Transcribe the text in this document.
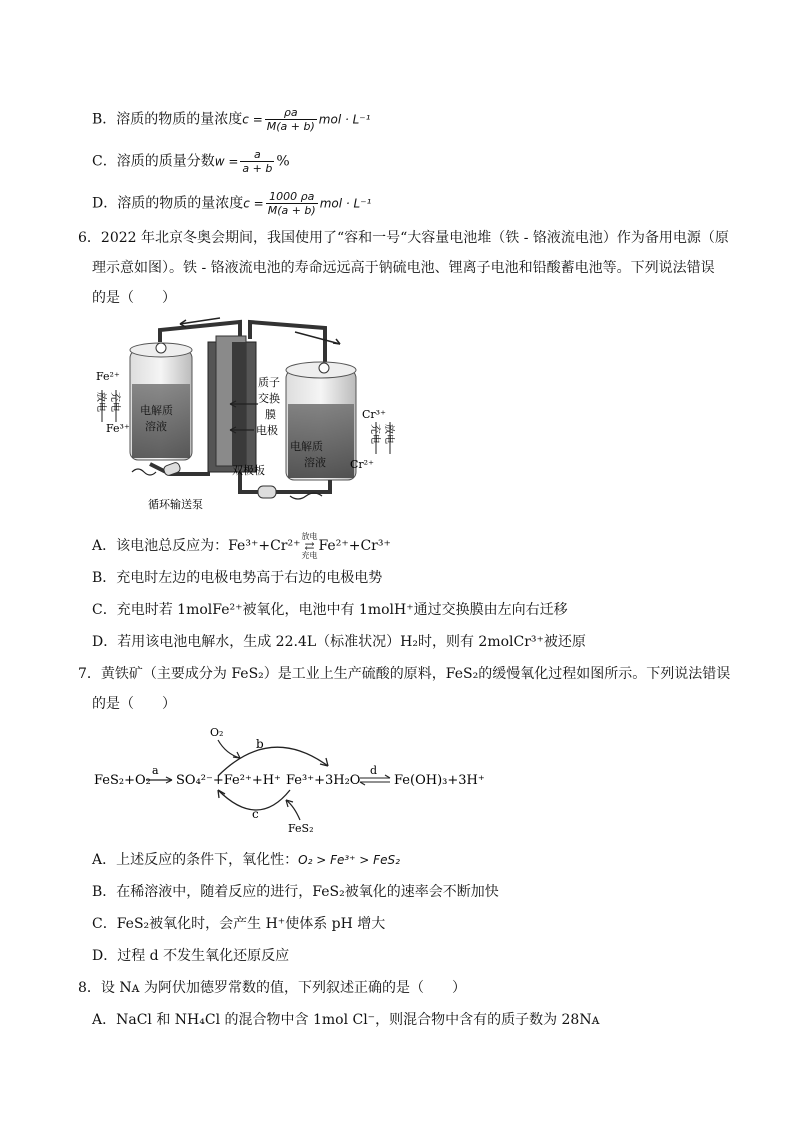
B．溶质的物质的量浓度$c = \frac{\rho a}{M(a + b)}$ mol · L⁻¹
C．溶质的质量分数$w = \frac{a}{a + b}$ %
D．溶质的物质的量浓度$c = \frac{1000 \rho a}{M(a + b)}$ mol · L⁻¹
6．2022 年北京冬奥会期间，我国使用了“容和一号“大容量电池堆（铁 - 铬液流电池）作为备用电源（原
理示意如图）。铁 - 铬液流电池的寿命远远高于钠硫电池、锂离子电池和铅酸蓄电池等。下列说法错误
的是（　　）
Fe²⁺
放电 充电
Fe³⁺
电解质
溶液
质子
交换
膜
电极
双极板
电解质
溶液
Cr³⁺
充电 放电
Cr²⁺
循环输送泵
A．该电池总反应为：Fe³⁺+Cr²⁺放电
⇄
充电Fe²⁺+Cr³⁺
B．充电时左边的电极电势高于右边的电极电势
C．充电时若 1molFe²⁺被氧化，电池中有 1molH⁺通过交换膜由左向右迁移
D．若用该电池电解水，生成 22.4L（标准状况）H₂时，则有 2molCr³⁺被还原
7．黄铁矿（主要成分为 FeS₂）是工业上生产硫酸的原料，FeS₂的缓慢氧化过程如图所示。下列说法错误
的是（　　）
O₂
b
FeS₂+O₂
a
SO₄²⁻+Fe²⁺+H⁺ Fe³⁺+3H₂O
d
Fe(OH)₃+3H⁺
c
FeS₂
A．上述反应的条件下，氧化性：O₂ > Fe³⁺ > FeS₂
B．在稀溶液中，随着反应的进行，FeS₂被氧化的速率会不断加快
C．FeS₂被氧化时，会产生 H⁺使体系 pH 增大
D．过程 d 不发生氧化还原反应
8．设 Nᴀ 为阿伏加德罗常数的值，下列叙述正确的是（　　）
A．NaCl 和 NH₄Cl 的混合物中含 1mol Cl⁻，则混合物中含有的质子数为 28Nᴀ
